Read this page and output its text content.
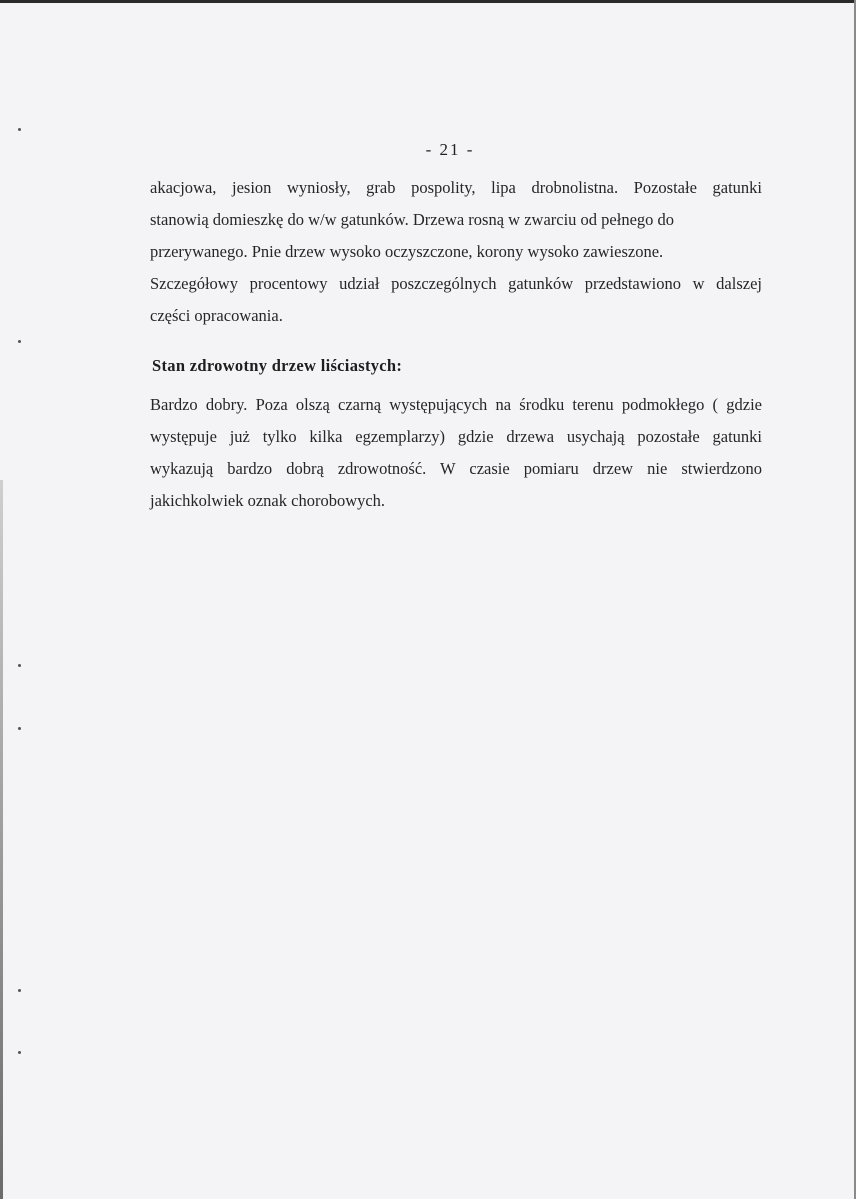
- 21 -
akacjowa, jesion wyniosły, grab pospolity, lipa drobnolistna. Pozostałe gatunki
stanowią domieszkę do w/w gatunków. Drzewa rosną w zwarciu od pełnego do
przerywanego. Pnie drzew wysoko oczyszczone, korony wysoko zawieszone.
Szczegółowy procentowy udział poszczególnych gatunków przedstawiono w dalszej
części opracowania.
Stan zdrowotny drzew liściastych:
Bardzo dobry. Poza olszą czarną występujących na środku terenu podmokłego ( gdzie
występuje już tylko kilka egzemplarzy) gdzie drzewa usychają pozostałe gatunki
wykazują bardzo dobrą zdrowotność. W czasie pomiaru drzew nie stwierdzono
jakichkolwiek oznak chorobowych.
